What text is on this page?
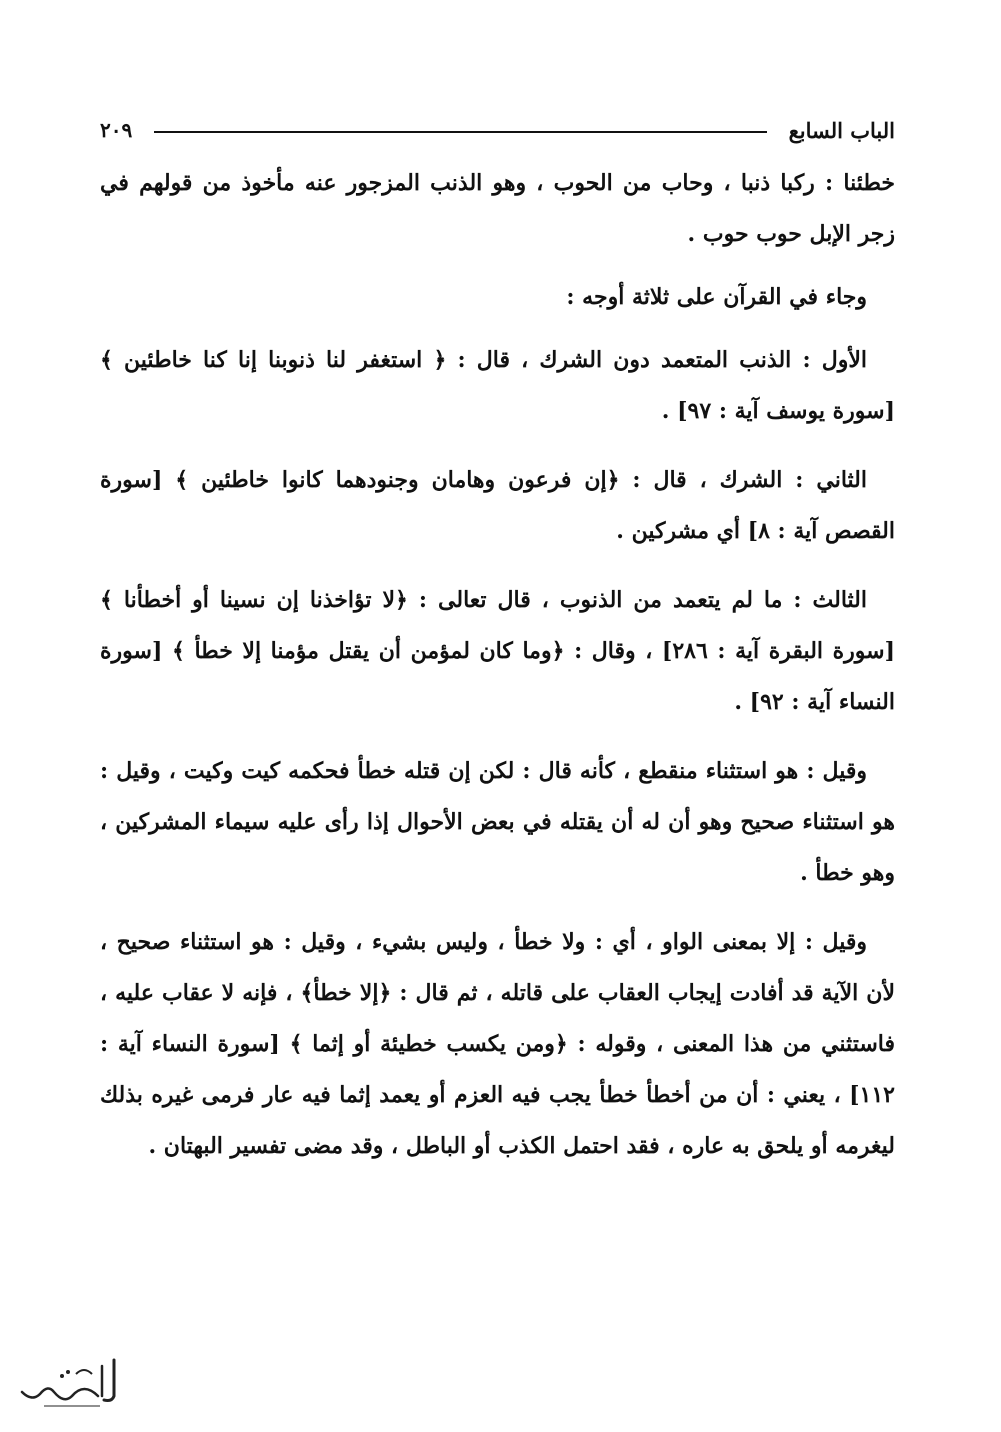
الباب السابع
٢٠٩

خطئنا : ركبا ذنبا ، وحاب من الحوب ، وهو الذنب المزجور عنه مأخوذ من قولهم في زجر الإبل حوب حوب .

وجاء في القرآن على ثلاثة أوجه :

الأول : الذنب المتعمد دون الشرك ، قال : ﴿ استغفر لنا ذنوبنا إنا كنا خاطئين ﴾ [سورة يوسف آية : ٩٧] .

الثاني : الشرك ، قال : ﴿إن فرعون وهامان وجنودهما كانوا خاطئين ﴾ [سورة القصص آية : ٨] أي مشركين .

الثالث : ما لم يتعمد من الذنوب ، قال تعالى : ﴿لا تؤاخذنا إن نسينا أو أخطأنا ﴾ [سورة البقرة آية : ٢٨٦] ، وقال : ﴿وما كان لمؤمن أن يقتل مؤمنا إلا خطأ ﴾ [سورة النساء آية : ٩٢] .

وقيل : هو استثناء منقطع ، كأنه قال : لكن إن قتله خطأ فحكمه كيت وكيت ، وقيل : هو استثناء صحيح وهو أن له أن يقتله في بعض الأحوال إذا رأى عليه سيماء المشركين ، وهو خطأ .

وقيل : إلا بمعنى الواو ، أي : ولا خطأ ، وليس بشيء ، وقيل : هو استثناء صحيح ، لأن الآية قد أفادت إيجاب العقاب على قاتله ، ثم قال : ﴿إلا خطأ﴾ ، فإنه لا عقاب عليه ، فاستثني من هذا المعنى ، وقوله : ﴿ومن يكسب خطيئة أو إثما ﴾ [سورة النساء آية : ١١٢] ، يعني : أن من أخطأ خطأ يجب فيه العزم أو يعمد إثما فيه عار فرمى غيره بذلك ليغرمه أو يلحق به عاره ، فقد احتمل الكذب أو الباطل ، وقد مضى تفسير البهتان .
